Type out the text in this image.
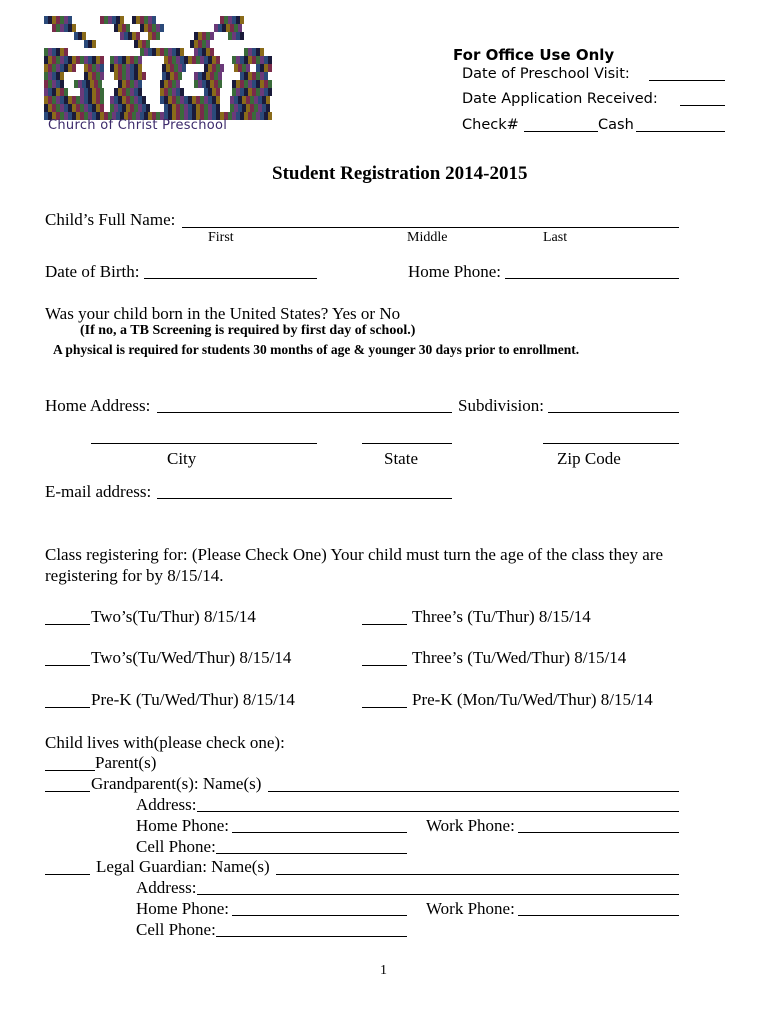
Church of Christ Preschool
For Office Use Only
Date of Preschool Visit:
Date Application Received:
Check#	Cash
Student Registration 2014-2015
Child’s Full Name:
First	Middle	Last
Date of Birth:	Home Phone:
Was your child born in the United States? Yes or No
(If no, a TB Screening is required by first day of school.)
A physical is required for students 30 months of age & younger 30 days prior to enrollment.
Home Address:	Subdivision:
City	State	Zip Code
E-mail address:
Class registering for: (Please Check One) Your child must turn the age of the class they are
registering for by 8/15/14.
Two’s(Tu/Thur) 8/15/14	Three’s (Tu/Thur) 8/15/14
Two’s(Tu/Wed/Thur) 8/15/14	Three’s (Tu/Wed/Thur) 8/15/14
Pre-K (Tu/Wed/Thur) 8/15/14	Pre-K (Mon/Tu/Wed/Thur) 8/15/14
Child lives with(please check one):
Parent(s)
Grandparent(s): Name(s)
Address:
Home Phone:	Work Phone:
Cell Phone:
Legal Guardian: Name(s)
Address:
Home Phone:	Work Phone:
Cell Phone:
1
